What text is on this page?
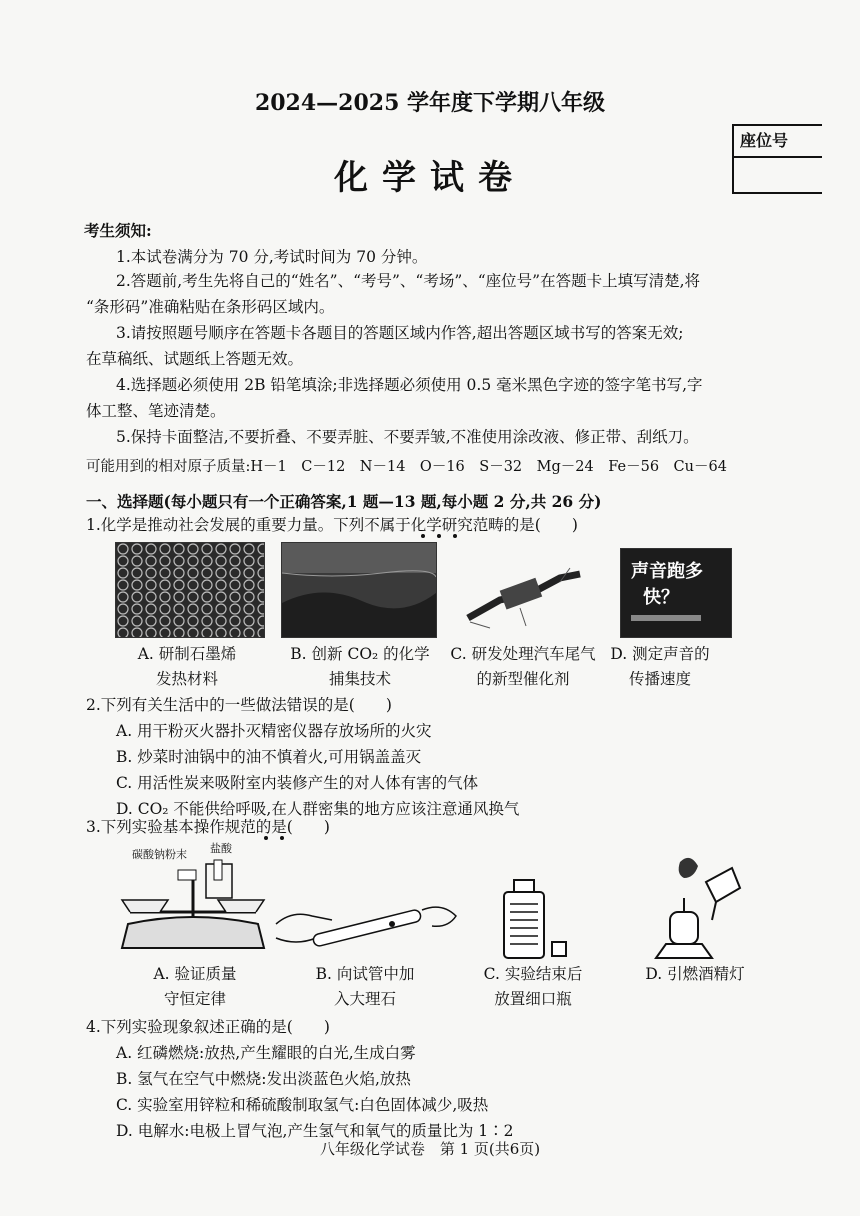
2024—2025 学年度下学期八年级
化学试卷
座位号
考生须知:
1.本试卷满分为 70 分,考试时间为 70 分钟。
2.答题前,考生先将自己的“姓名”、“考号”、“考场”、“座位号”在答题卡上填写清楚,将
“条形码”准确粘贴在条形码区域内。
3.请按照题号顺序在答题卡各题目的答题区域内作答,超出答题区域书写的答案无效;
在草稿纸、试题纸上答题无效。
4.选择题必须使用 2B 铅笔填涂;非选择题必须使用 0.5 毫米黑色字迹的签字笔书写,字
体工整、笔迹清楚。
5.保持卡面整洁,不要折叠、不要弄脏、不要弄皱,不准使用涂改液、修正带、刮纸刀。
可能用到的相对原子质量:H－1　C－12　N－14　O－16　S－32　Mg－24　Fe－56　Cu－64
一、选择题(每小题只有一个正确答案,1 题—13 题,每小题 2 分,共 26 分)
1.化学是推动社会发展的重要力量。下列不属于化学研究范畴的是(　　)
声音跑多
快？
A. 研制石墨烯
发热材料
B. 创新 CO₂ 的化学
捕集技术
C. 研发处理汽车尾气
的新型催化剂
D. 测定声音的
传播速度
2.下列有关生活中的一些做法错误的是(　　)
A. 用干粉灭火器扑灭精密仪器存放场所的火灾
B. 炒菜时油锅中的油不慎着火,可用锅盖盖灭
C. 用活性炭来吸附室内装修产生的对人体有害的气体
D. CO₂ 不能供给呼吸,在人群密集的地方应该注意通风换气
3.下列实验基本操作规范的是(　　)
碳酸钠粉末 盐酸
A. 验证质量
守恒定律
B. 向试管中加
入大理石
C. 实验结束后
放置细口瓶
D. 引燃酒精灯
4.下列实验现象叙述正确的是(　　)
A. 红磷燃烧:放热,产生耀眼的白光,生成白雾
B. 氢气在空气中燃烧:发出淡蓝色火焰,放热
C. 实验室用锌粒和稀硫酸制取氢气:白色固体减少,吸热
D. 电解水:电极上冒气泡,产生氢气和氧气的质量比为 1∶2
八年级化学试卷　第 1 页(共6页)
